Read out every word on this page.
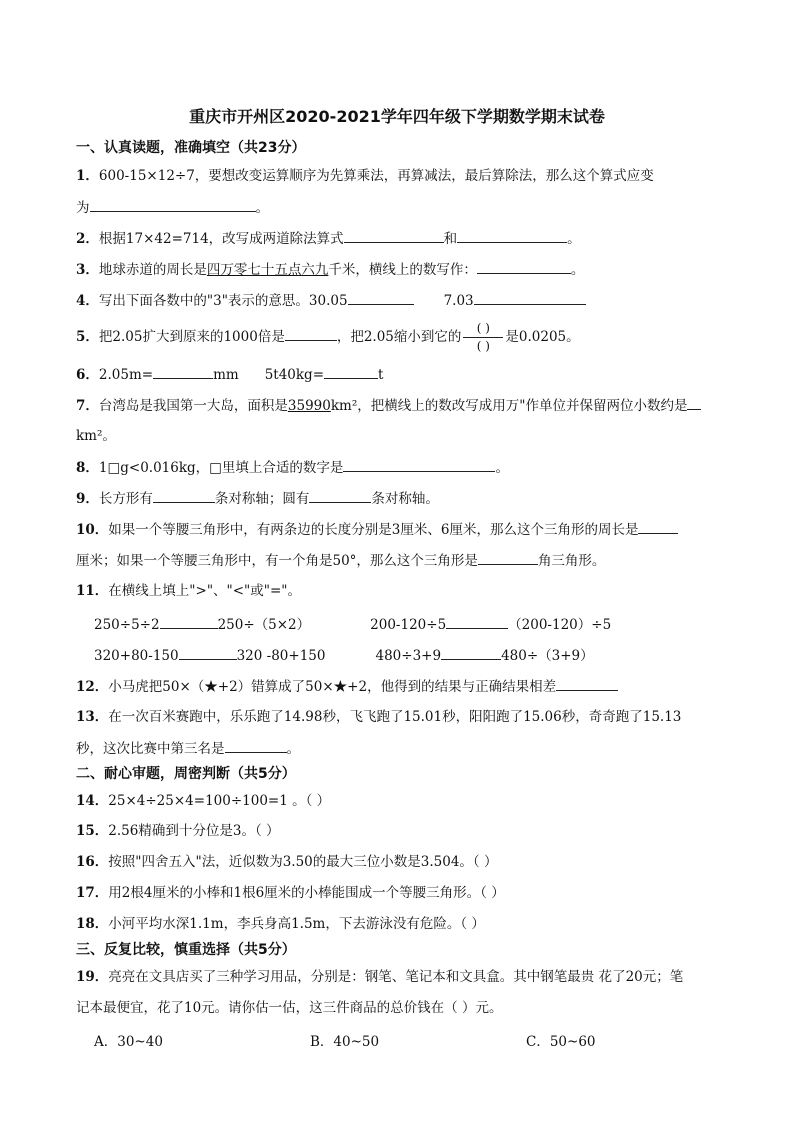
重庆市开州区2020-2021学年四年级下学期数学期末试卷
一、认真读题，准确填空（共23分）
1．600-15×12÷7，要想改变运算顺序为先算乘法，再算减法，最后算除法，那么这个算式应变
为	。
2．根据17×42=714，改写成两道除法算式	和	。
3．地球赤道的周长是四万零七十五点六九千米，横线上的数写作：	。
4．写出下面各数中的"3"表示的意思。30.05	7.03
5．把2.05扩大到原来的1000倍是	，把2.05缩小到它的 $\frac{( )}{( )}$ 是0.0205。
6．2.05m=	mm 5t40kg=	t
7．台湾岛是我国第一大岛，面积是35990km²，把横线上的数改写成用万"作单位并保留两位小数约是
km²。
8．1□g<0.016kg，□里填上合适的数字是	。
9．长方形有	条对称轴；圆有	条对称轴。
10．如果一个等腰三角形中，有两条边的长度分别是3厘米、6厘米，那么这个三角形的周长是
厘米；如果一个等腰三角形中，有一个角是50°，那么这个三角形是	角三角形。
11．在横线上填上">"、"<"或"="。
250÷5÷2	250÷（5×2）	200-120÷5	（200-120）÷5
320+80-150	320 -80+150	480÷3+9	480÷（3+9）
12．小马虎把50×（★+2）错算成了50×★+2，他得到的结果与正确结果相差
13．在一次百米赛跑中，乐乐跑了14.98秒，飞飞跑了15.01秒，阳阳跑了15.06秒，奇奇跑了15.13
秒，这次比赛中第三名是	。
二、耐心审题，周密判断（共5分）
14．25×4÷25×4=100÷100=1 。（ ）
15．2.56精确到十分位是3。（ ）
16．按照"四舍五入"法，近似数为3.50的最大三位小数是3.504。（ ）
17．用2根4厘米的小棒和1根6厘米的小棒能围成一个等腰三角形。（ ）
18．小河平均水深1.1m，李兵身高1.5m，下去游泳没有危险。（ ）
三、反复比较，慎重选择（共5分）
19．亮亮在文具店买了三种学习用品，分别是：钢笔、笔记本和文具盒。其中钢笔最贵 花了20元；笔
记本最便宜，花了10元。请你估一估，这三件商品的总价钱在（ ）元。
A．30~40	B．40~50	C．50~60
